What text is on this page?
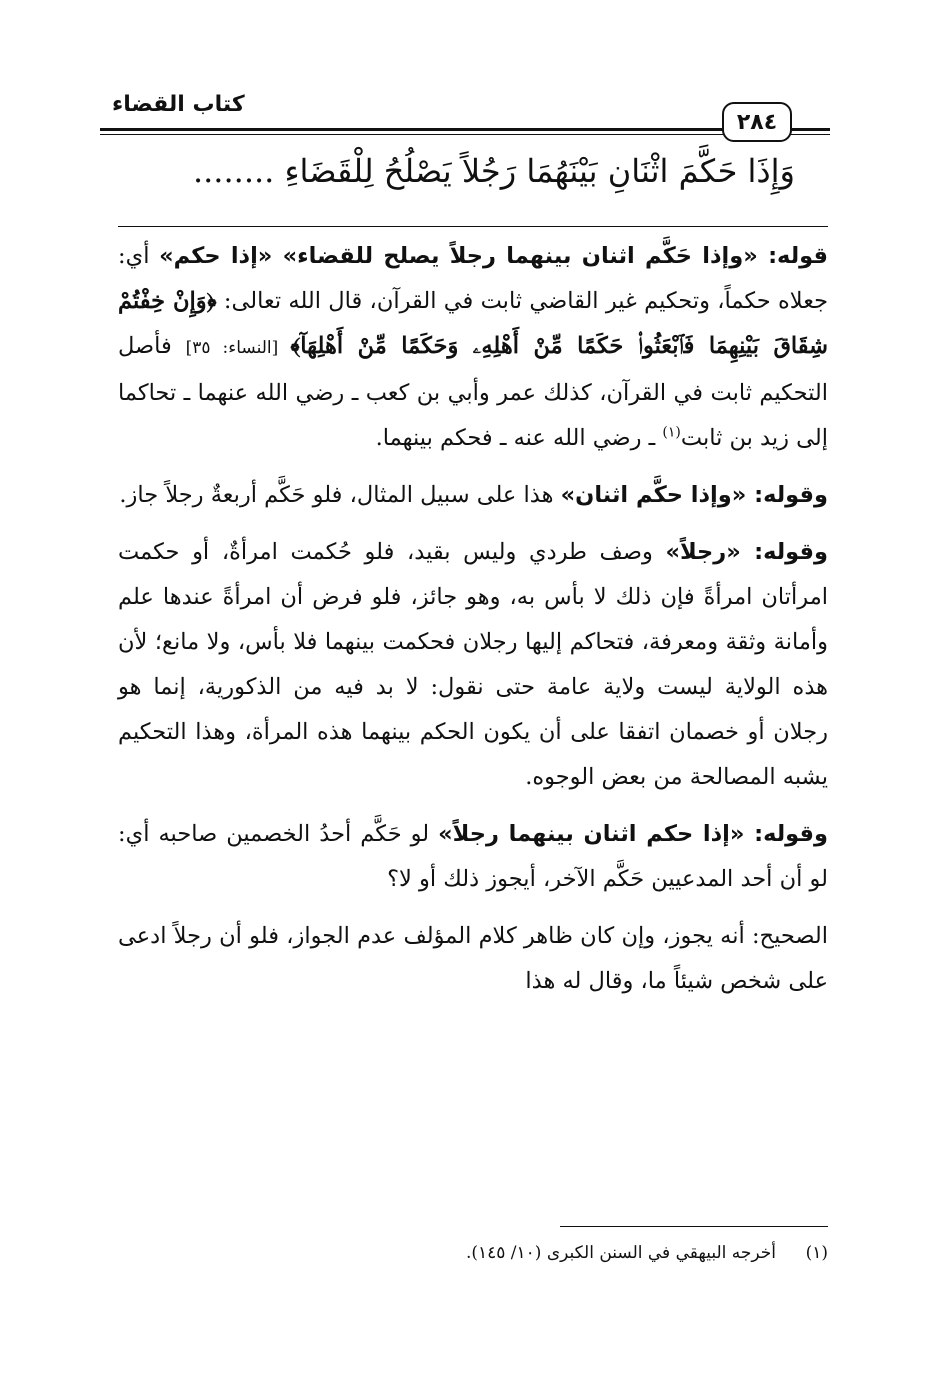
كتاب القضاء
٢٨٤
وَإِذَا حَكَّمَ اثْنَانِ بَيْنَهُمَا رَجُلاً يَصْلُحُ لِلْقَضَاءِ ........

قوله: «وإذا حَكَّم اثنان بينهما رجلاً يصلح للقضاء» «إذا حكم» أي: جعلاه حكماً، وتحكيم غير القاضي ثابت في القرآن، قال الله تعالى: ﴿وَإِنْ خِفْتُمْ شِقَاقَ بَيْنِهِمَا فَٱبْعَثُوا۟ حَكَمًا مِّنْ أَهْلِهِۦ وَحَكَمًا مِّنْ أَهْلِهَآ﴾ [النساء: ٣٥] فأصل التحكيم ثابت في القرآن، كذلك عمر وأبي بن كعب ـ رضي الله عنهما ـ تحاكما إلى زيد بن ثابت$^{(١)}$ ـ رضي الله عنه ـ فحكم بينهما.

وقوله: «وإذا حكَّم اثنان» هذا على سبيل المثال، فلو حَكَّم أربعةٌ رجلاً جاز.

وقوله: «رجلاً» وصف طردي وليس بقيد، فلو حُكمت امرأةٌ، أو حكمت امرأتان امرأةً فإن ذلك لا بأس به، وهو جائز، فلو فرض أن امرأةً عندها علم وأمانة وثقة ومعرفة، فتحاكم إليها رجلان فحكمت بينهما فلا بأس، ولا مانع؛ لأن هذه الولاية ليست ولاية عامة حتى نقول: لا بد فيه من الذكورية، إنما هو رجلان أو خصمان اتفقا على أن يكون الحكم بينهما هذه المرأة، وهذا التحكيم يشبه المصالحة من بعض الوجوه.

وقوله: «إذا حكم اثنان بينهما رجلاً» لو حَكَّم أحدُ الخصمين صاحبه أي: لو أن أحد المدعيين حَكَّم الآخر، أيجوز ذلك أو لا؟

الصحيح: أنه يجوز، وإن كان ظاهر كلام المؤلف عدم الجواز، فلو أن رجلاً ادعى على شخص شيئاً ما، وقال له هذا

(١)أخرجه البيهقي في السنن الكبرى (١٠/ ١٤٥).
